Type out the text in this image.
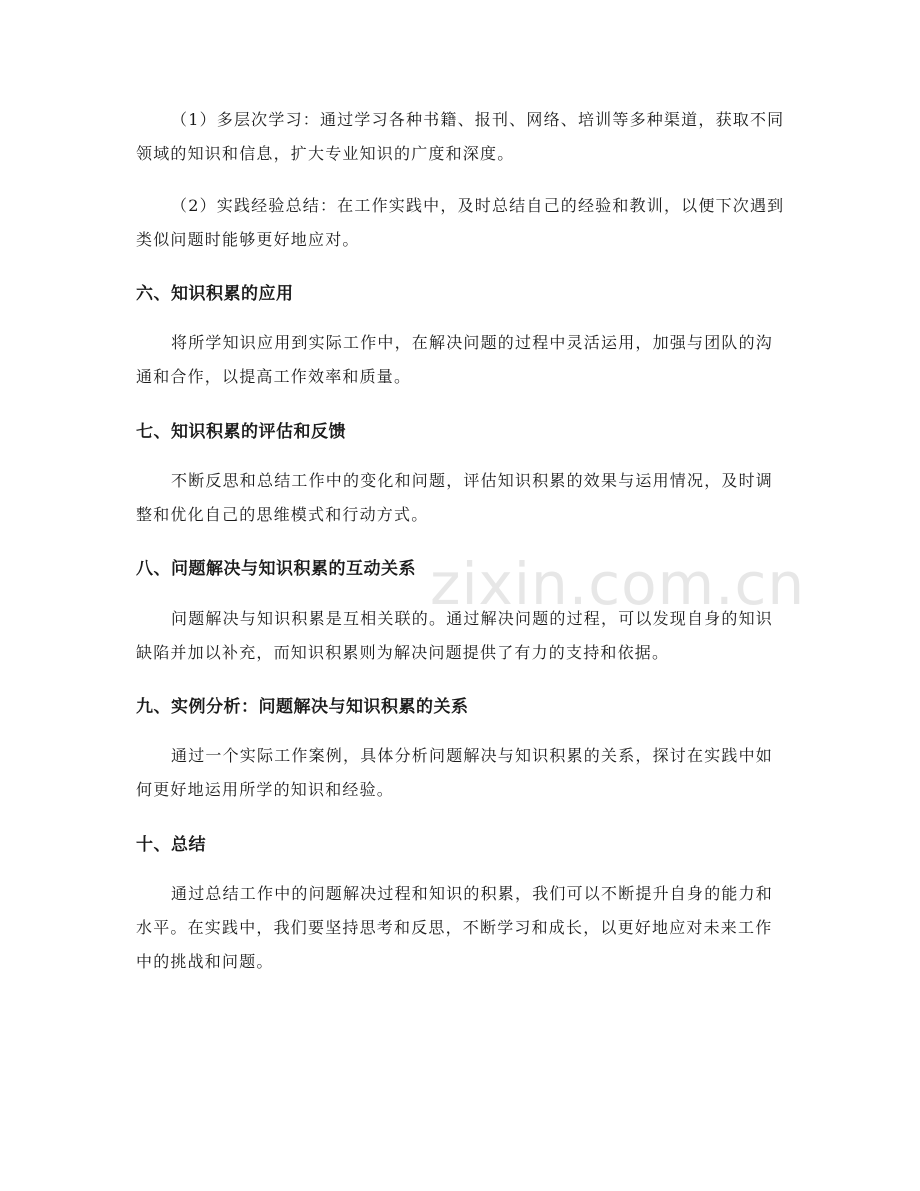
（1）多层次学习：通过学习各种书籍、报刊、网络、培训等多种渠道，获取不同领域的知识和信息，扩大专业知识的广度和深度。

（2）实践经验总结：在工作实践中，及时总结自己的经验和教训，以便下次遇到类似问题时能够更好地应对。

六、知识积累的应用

将所学知识应用到实际工作中，在解决问题的过程中灵活运用，加强与团队的沟通和合作，以提高工作效率和质量。

七、知识积累的评估和反馈

不断反思和总结工作中的变化和问题，评估知识积累的效果与运用情况，及时调整和优化自己的思维模式和行动方式。

八、问题解决与知识积累的互动关系

问题解决与知识积累是互相关联的。通过解决问题的过程，可以发现自身的知识缺陷并加以补充，而知识积累则为解决问题提供了有力的支持和依据。

九、实例分析：问题解决与知识积累的关系

通过一个实际工作案例，具体分析问题解决与知识积累的关系，探讨在实践中如何更好地运用所学的知识和经验。

十、总结

通过总结工作中的问题解决过程和知识的积累，我们可以不断提升自身的能力和水平。在实践中，我们要坚持思考和反思，不断学习和成长，以更好地应对未来工作中的挑战和问题。

zixin.com.cn
